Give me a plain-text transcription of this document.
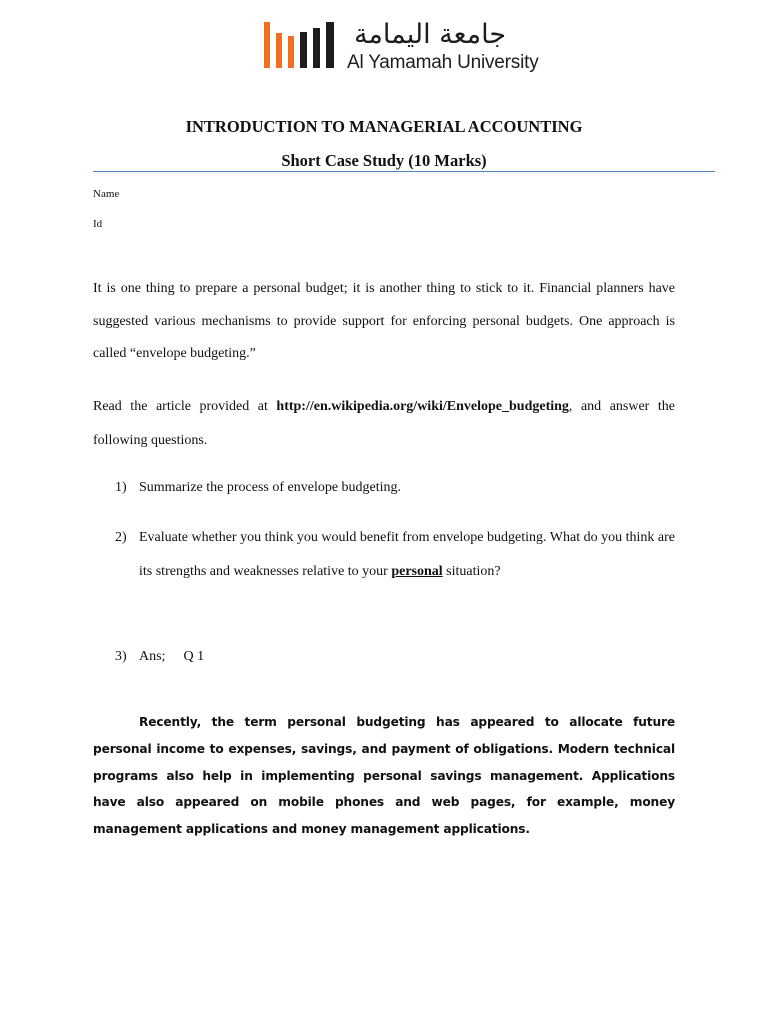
جامعة اليمامة
Al Yamamah University
INTRODUCTION TO MANAGERIAL ACCOUNTING
Short Case Study (10 Marks)
Name
Id

It is one thing to prepare a personal budget; it is another thing to stick to it. Financial planners have suggested various mechanisms to provide support for enforcing personal budgets. One approach is called “envelope budgeting.”

Read the article provided at http://en.wikipedia.org/wiki/Envelope_budgeting, and answer the following questions.

1) Summarize the process of envelope budgeting.

2) Evaluate whether you think you would benefit from envelope budgeting. What do you think are its strengths and weaknesses relative to your personal situation?

3) Ans; Q 1

Recently, the term personal budgeting has appeared to allocate future personal income to expenses, savings, and payment of obligations. Modern technical programs also help in implementing personal savings management. Applications have also appeared on mobile phones and web pages, for example, money management applications and money management applications.
